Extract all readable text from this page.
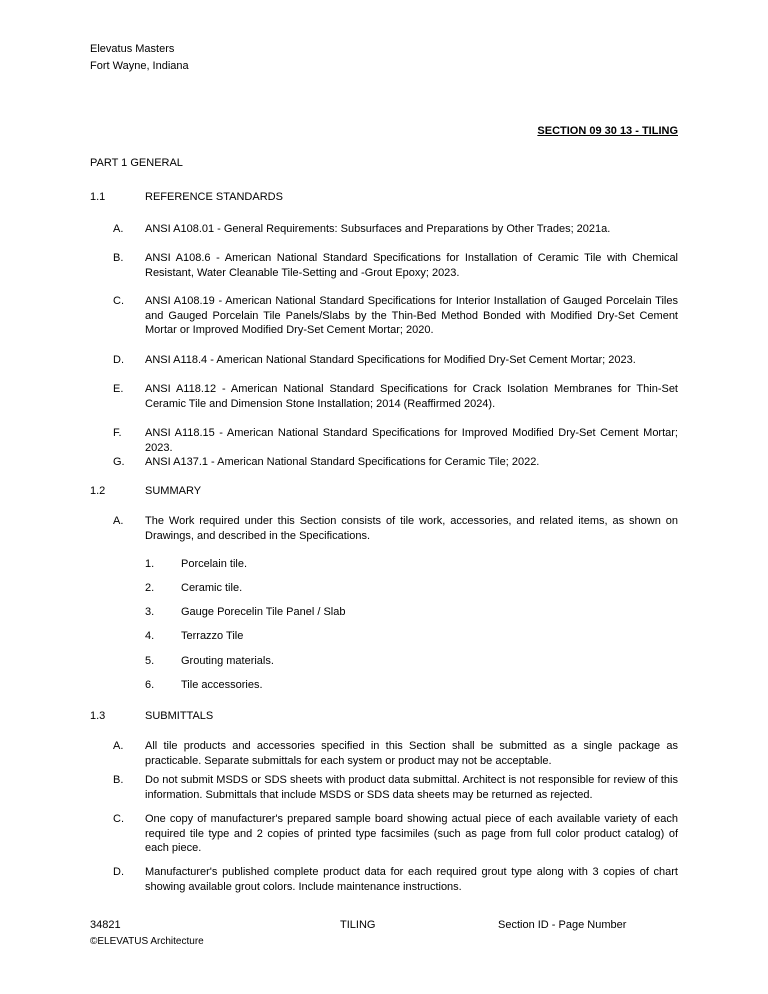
Elevatus Masters
Fort Wayne, Indiana
SECTION 09 30 13 - TILING
PART 1 GENERAL
1.1	REFERENCE STANDARDS
A. ANSI A108.01 - General Requirements: Subsurfaces and Preparations by Other Trades; 2021a.
B. ANSI A108.6 - American National Standard Specifications for Installation of Ceramic Tile with Chemical Resistant, Water Cleanable Tile-Setting and -Grout Epoxy; 2023.
C. ANSI A108.19 - American National Standard Specifications for Interior Installation of Gauged Porcelain Tiles and Gauged Porcelain Tile Panels/Slabs by the Thin-Bed Method Bonded with Modified Dry-Set Cement Mortar or Improved Modified Dry-Set Cement Mortar; 2020.
D. ANSI A118.4 - American National Standard Specifications for Modified Dry-Set Cement Mortar; 2023.
E. ANSI A118.12 - American National Standard Specifications for Crack Isolation Membranes for Thin-Set Ceramic Tile and Dimension Stone Installation; 2014 (Reaffirmed 2024).
F. ANSI A118.15 - American National Standard Specifications for Improved Modified Dry-Set Cement Mortar; 2023.
G. ANSI A137.1 - American National Standard Specifications for Ceramic Tile; 2022.
1.2	SUMMARY
A. The Work required under this Section consists of tile work, accessories, and related items, as shown on Drawings, and described in the Specifications.
1. Porcelain tile.
2. Ceramic tile.
3. Gauge Porecelin Tile Panel / Slab
4. Terrazzo Tile
5. Grouting materials.
6. Tile accessories.
1.3	SUBMITTALS
A. All tile products and accessories specified in this Section shall be submitted as a single package as practicable. Separate submittals for each system or product may not be acceptable.
B. Do not submit MSDS or SDS sheets with product data submittal. Architect is not responsible for review of this information. Submittals that include MSDS or SDS data sheets may be returned as rejected.
C. One copy of manufacturer's prepared sample board showing actual piece of each available variety of each required tile type and 2 copies of printed type facsimiles (such as page from full color product catalog) of each piece.
D. Manufacturer's published complete product data for each required grout type along with 3 copies of chart showing available grout colors. Include maintenance instructions.
34821	TILING	Section ID - Page Number
©ELEVATUS Architecture
